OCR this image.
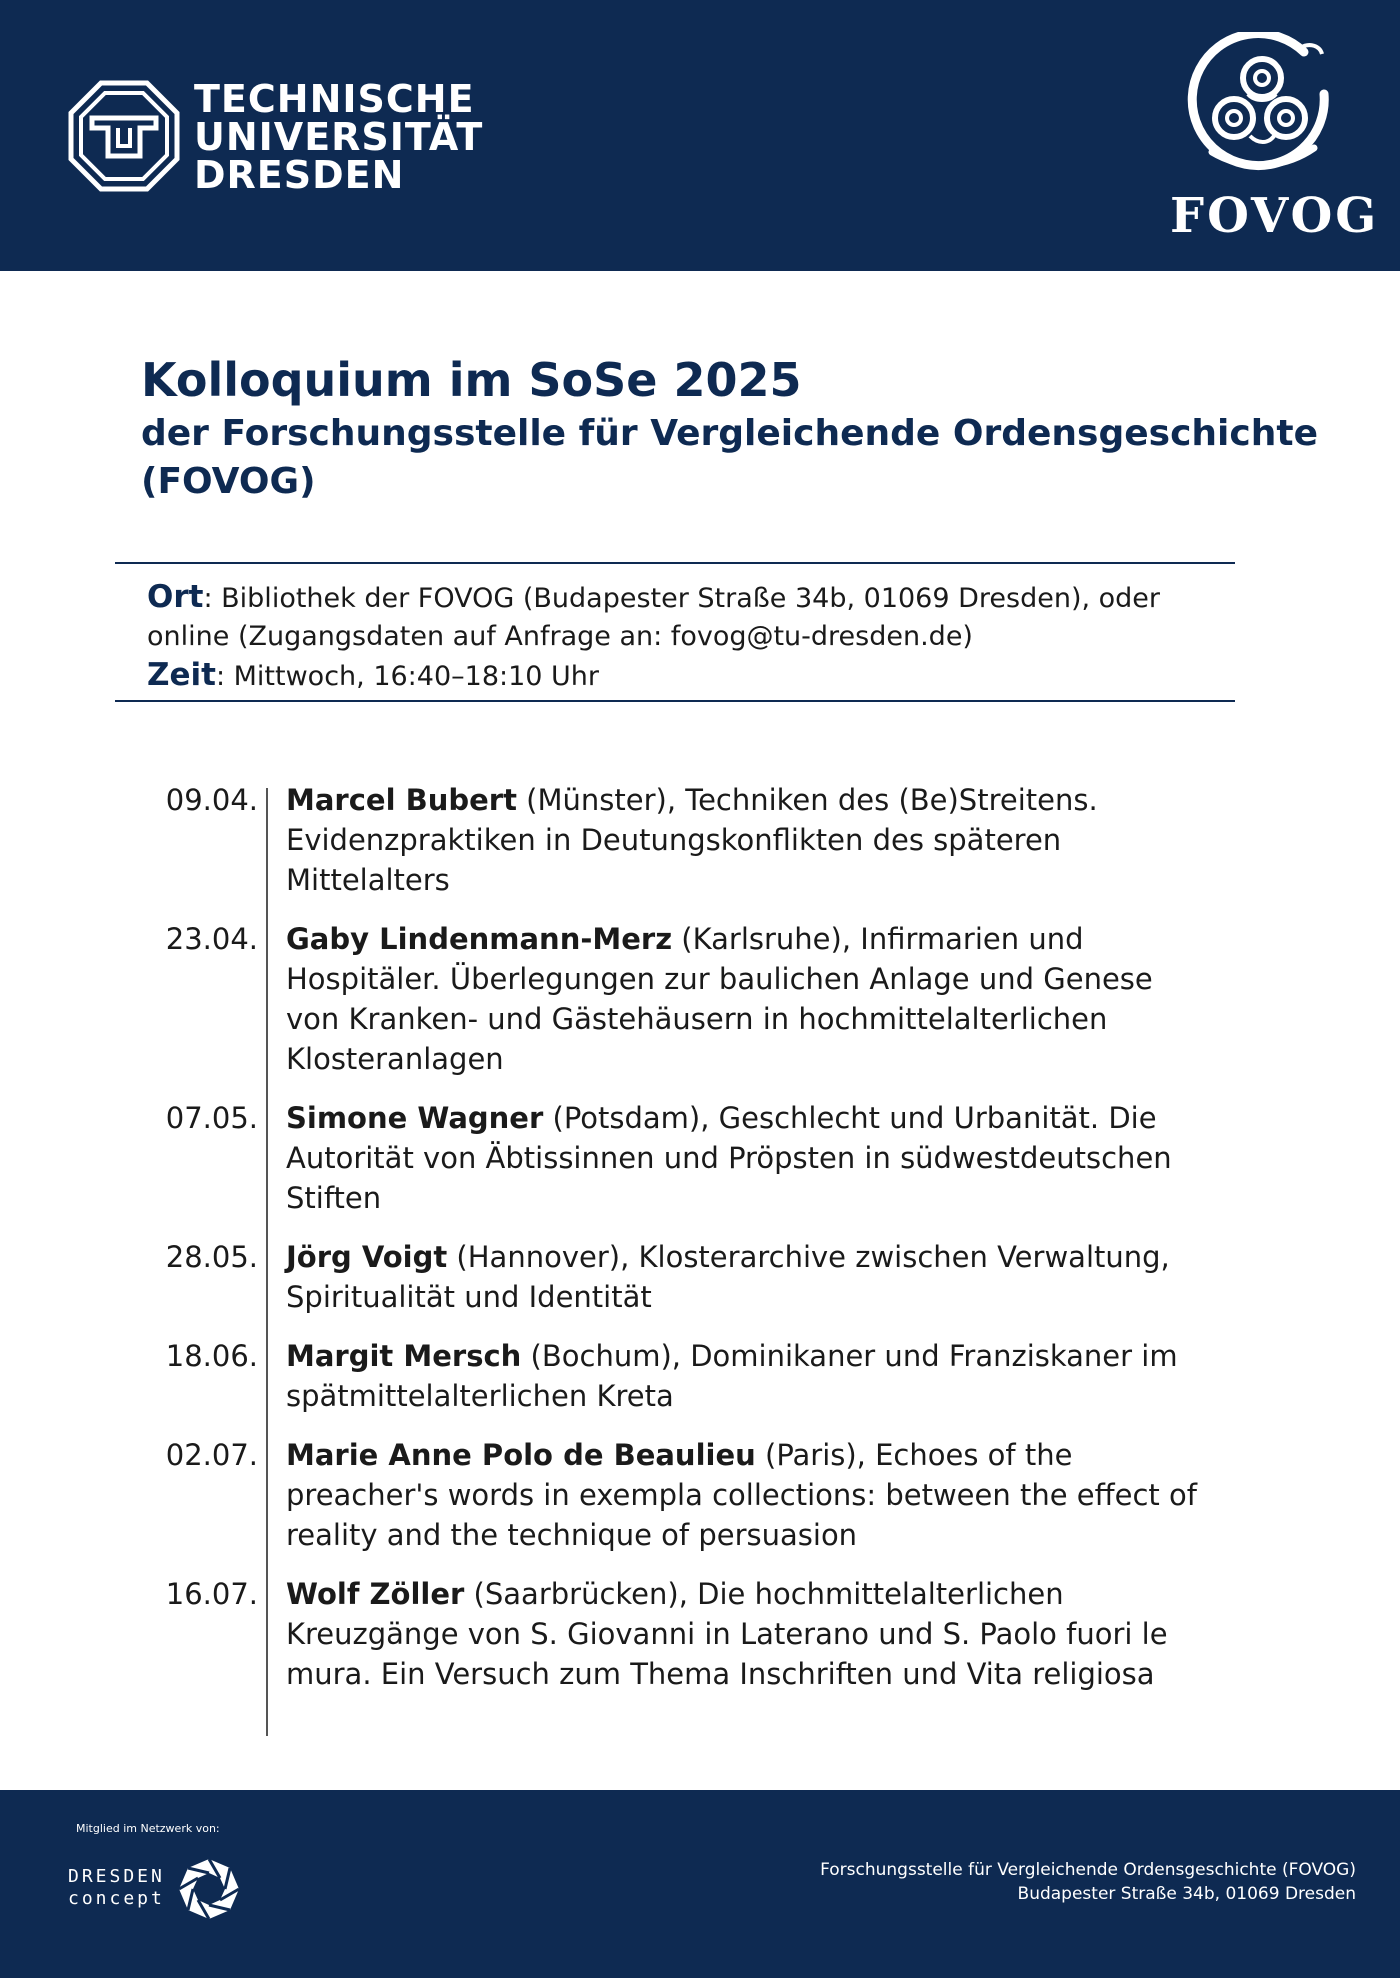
TECHNISCHE
UNIVERSITÄT
DRESDEN
FOVOG
Kolloquium im SoSe 2025
der Forschungsstelle für Vergleichende Ordensgeschichte
(FOVOG)
Ort: Bibliothek der FOVOG (Budapester Straße 34b, 01069 Dresden), oder online (Zugangsdaten auf Anfrage an: fovog@tu-dresden.de)
Zeit: Mittwoch, 16:40–18:10 Uhr
09.04. Marcel Bubert (Münster), Techniken des (Be)Streitens. Evidenzpraktiken in Deutungskonflikten des späteren Mittelalters
23.04. Gaby Lindenmann-Merz (Karlsruhe), Infirmarien und Hospitäler. Überlegungen zur baulichen Anlage und Genese von Kranken- und Gästehäusern in hochmittelalterlichen Klosteranlagen
07.05. Simone Wagner (Potsdam), Geschlecht und Urbanität. Die Autorität von Äbtissinnen und Pröpsten in südwestdeutschen Stiften
28.05. Jörg Voigt (Hannover), Klosterarchive zwischen Verwaltung, Spiritualität und Identität
18.06. Margit Mersch (Bochum), Dominikaner und Franziskaner im spätmittelalterlichen Kreta
02.07. Marie Anne Polo de Beaulieu (Paris), Echoes of the preacher's words in exempla collections: between the effect of reality and the technique of persuasion
16.07. Wolf Zöller (Saarbrücken), Die hochmittelalterlichen Kreuzgänge von S. Giovanni in Laterano und S. Paolo fuori le mura. Ein Versuch zum Thema Inschriften und Vita religiosa
Mitglied im Netzwerk von:
DRESDEN
concept
Forschungsstelle für Vergleichende Ordensgeschichte (FOVOG)
Budapester Straße 34b, 01069 Dresden
